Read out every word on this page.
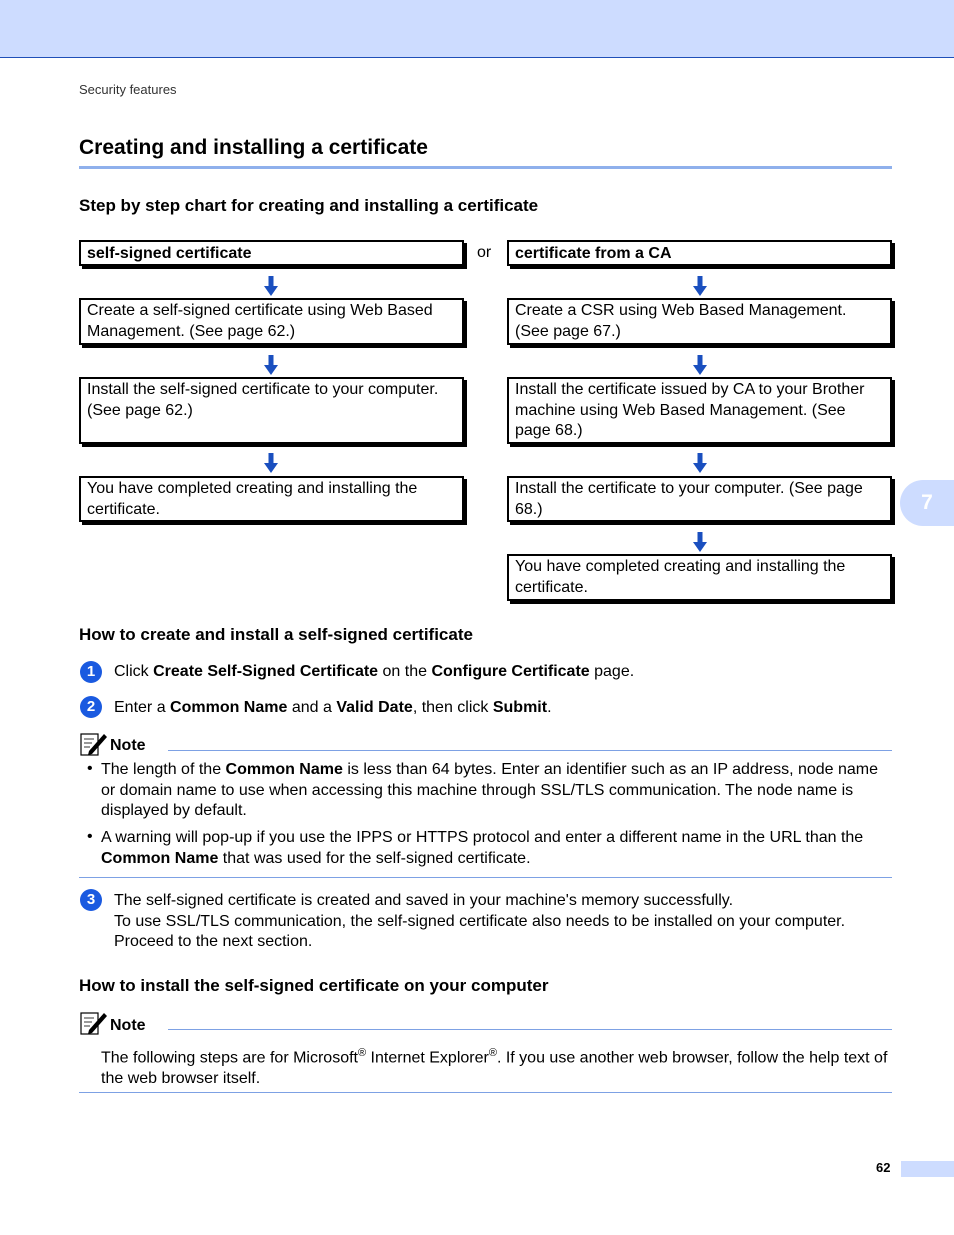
Security features
Creating and installing a certificate
Step by step chart for creating and installing a certificate
self-signed certificate	or	certificate from a CA
Create a self-signed certificate using Web Based Management. (See page 62.)
Create a CSR using Web Based Management. (See page 67.)
Install the self-signed certificate to your computer. (See page 62.)
Install the certificate issued by CA to your Brother machine using Web Based Management. (See page 68.)
You have completed creating and installing the certificate.
Install the certificate to your computer. (See page 68.)
You have completed creating and installing the certificate.
How to create and install a self-signed certificate
1	Click Create Self-Signed Certificate on the Configure Certificate page.
2	Enter a Common Name and a Valid Date, then click Submit.
Note
• The length of the Common Name is less than 64 bytes. Enter an identifier such as an IP address, node name or domain name to use when accessing this machine through SSL/TLS communication. The node name is displayed by default.
• A warning will pop-up if you use the IPPS or HTTPS protocol and enter a different name in the URL than the Common Name that was used for the self-signed certificate.
3	The self-signed certificate is created and saved in your machine's memory successfully.
To use SSL/TLS communication, the self-signed certificate also needs to be installed on your computer.
Proceed to the next section.
How to install the self-signed certificate on your computer
Note
The following steps are for Microsoft® Internet Explorer®. If you use another web browser, follow the help text of the web browser itself.
7
62
